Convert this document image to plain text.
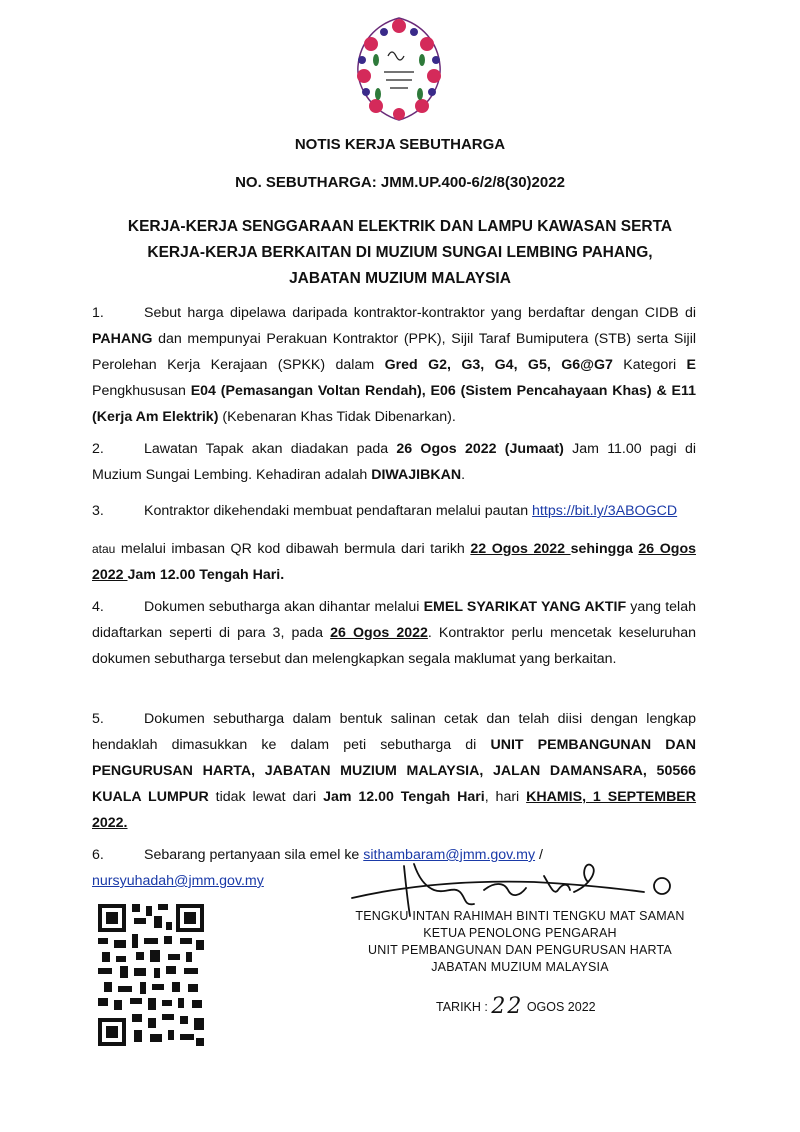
NOTIS KERJA SEBUTHARGA
NO. SEBUTHARGA: JMM.UP.400-6/2/8(30)2022
KERJA-KERJA SENGGARAAN ELEKTRIK DAN LAMPU KAWASAN SERTA
KERJA-KERJA BERKAITAN DI MUZIUM SUNGAI LEMBING PAHANG,
JABATAN MUZIUM MALAYSIA
1.	Sebut harga dipelawa daripada kontraktor-kontraktor yang berdaftar dengan CIDB di PAHANG dan mempunyai Perakuan Kontraktor (PPK), Sijil Taraf Bumiputera (STB) serta Sijil Perolehan Kerja Kerajaan (SPKK) dalam Gred G2, G3, G4, G5, G6@G7 Kategori E Pengkhususan E04 (Pemasangan Voltan Rendah), E06 (Sistem Pencahayaan Khas) & E11 (Kerja Am Elektrik) (Kebenaran Khas Tidak Dibenarkan).
2.	Lawatan Tapak akan diadakan pada 26 Ogos 2022 (Jumaat) Jam 11.00 pagi di Muzium Sungai Lembing. Kehadiran adalah DIWAJIBKAN.
3.	Kontraktor dikehendaki membuat pendaftaran melalui pautan https://bit.ly/3ABOGCD
atau melalui imbasan QR kod dibawah bermula dari tarikh 22 Ogos 2022 sehingga 26 Ogos 2022 Jam 12.00 Tengah Hari.
4.	Dokumen sebutharga akan dihantar melalui EMEL SYARIKAT YANG AKTIF yang telah didaftarkan seperti di para 3, pada 26 Ogos 2022. Kontraktor perlu mencetak keseluruhan dokumen sebutharga tersebut dan melengkapkan segala maklumat yang berkaitan.
5.	Dokumen sebutharga dalam bentuk salinan cetak dan telah diisi dengan lengkap hendaklah dimasukkan ke dalam peti sebutharga di UNIT PEMBANGUNAN DAN PENGURUSAN HARTA, JABATAN MUZIUM MALAYSIA, JALAN DAMANSARA, 50566 KUALA LUMPUR tidak lewat dari Jam 12.00 Tengah Hari, hari KHAMIS, 1 SEPTEMBER 2022.
6.	Sebarang pertanyaan sila emel ke sithambaram@jmm.gov.my /
nursyuhadah@jmm.gov.my
TENGKU INTAN RAHIMAH BINTI TENGKU MAT SAMAN
KETUA PENOLONG PENGARAH
UNIT PEMBANGUNAN DAN PENGURUSAN HARTA
JABATAN MUZIUM MALAYSIA
TARIKH : 22 OGOS 2022
